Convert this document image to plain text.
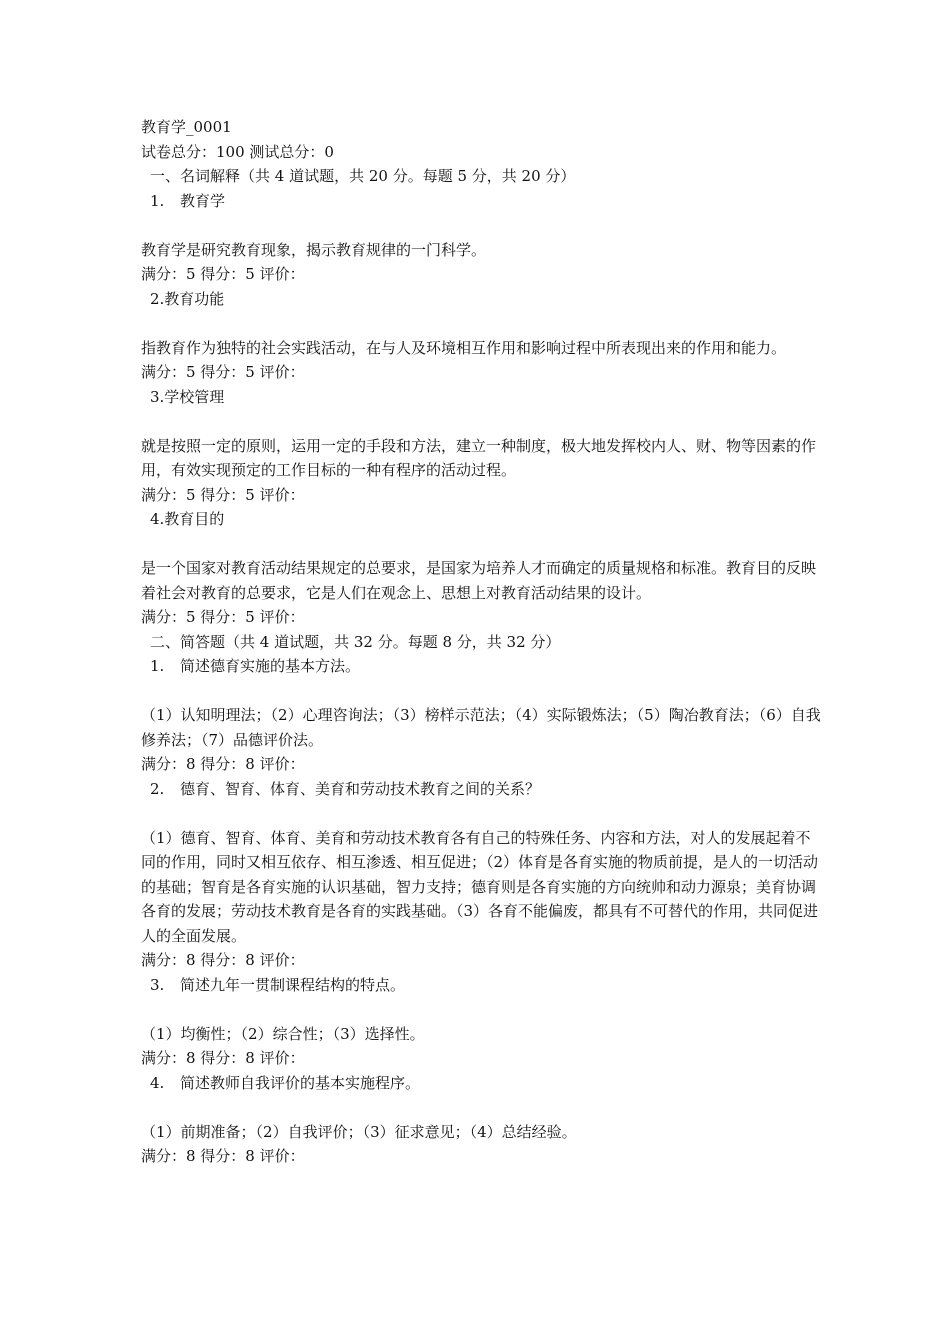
教育学_0001
试卷总分：100 测试总分：0
一、名词解释（共 4 道试题，共 20 分。每题 5 分，共 20 分）
1. 教育学
教育学是研究教育现象，揭示教育规律的一门科学。
满分：5 得分：5 评价：
2.教育功能
指教育作为独特的社会实践活动，在与人及环境相互作用和影响过程中所表现出来的作用和能力。
满分：5 得分：5 评价：
3.学校管理
就是按照一定的原则，运用一定的手段和方法，建立一种制度，极大地发挥校内人、财、物等因素的作用，有效实现预定的工作目标的一种有程序的活动过程。
满分：5 得分：5 评价：
4.教育目的
是一个国家对教育活动结果规定的总要求，是国家为培养人才而确定的质量规格和标准。教育目的反映着社会对教育的总要求，它是人们在观念上、思想上对教育活动结果的设计。
满分：5 得分：5 评价：
二、简答题（共 4 道试题，共 32 分。每题 8 分，共 32 分）
1. 简述德育实施的基本方法。
（1）认知明理法；（2）心理咨询法；（3）榜样示范法；（4）实际锻炼法；（5）陶冶教育法；（6）自我修养法；（7）品德评价法。
满分：8 得分：8 评价：
2. 德育、智育、体育、美育和劳动技术教育之间的关系？
（1）德育、智育、体育、美育和劳动技术教育各有自己的特殊任务、内容和方法，对人的发展起着不同的作用，同时又相互依存、相互渗透、相互促进；（2）体育是各育实施的物质前提，是人的一切活动的基础；智育是各育实施的认识基础，智力支持；德育则是各育实施的方向统帅和动力源泉；美育协调各育的发展；劳动技术教育是各育的实践基础。（3）各育不能偏废，都具有不可替代的作用，共同促进人的全面发展。
满分：8 得分：8 评价：
3. 简述九年一贯制课程结构的特点。
（1）均衡性；（2）综合性；（3）选择性。
满分：8 得分：8 评价：
4. 简述教师自我评价的基本实施程序。
（1）前期准备；（2）自我评价；（3）征求意见；（4）总结经验。
满分：8 得分：8 评价：
